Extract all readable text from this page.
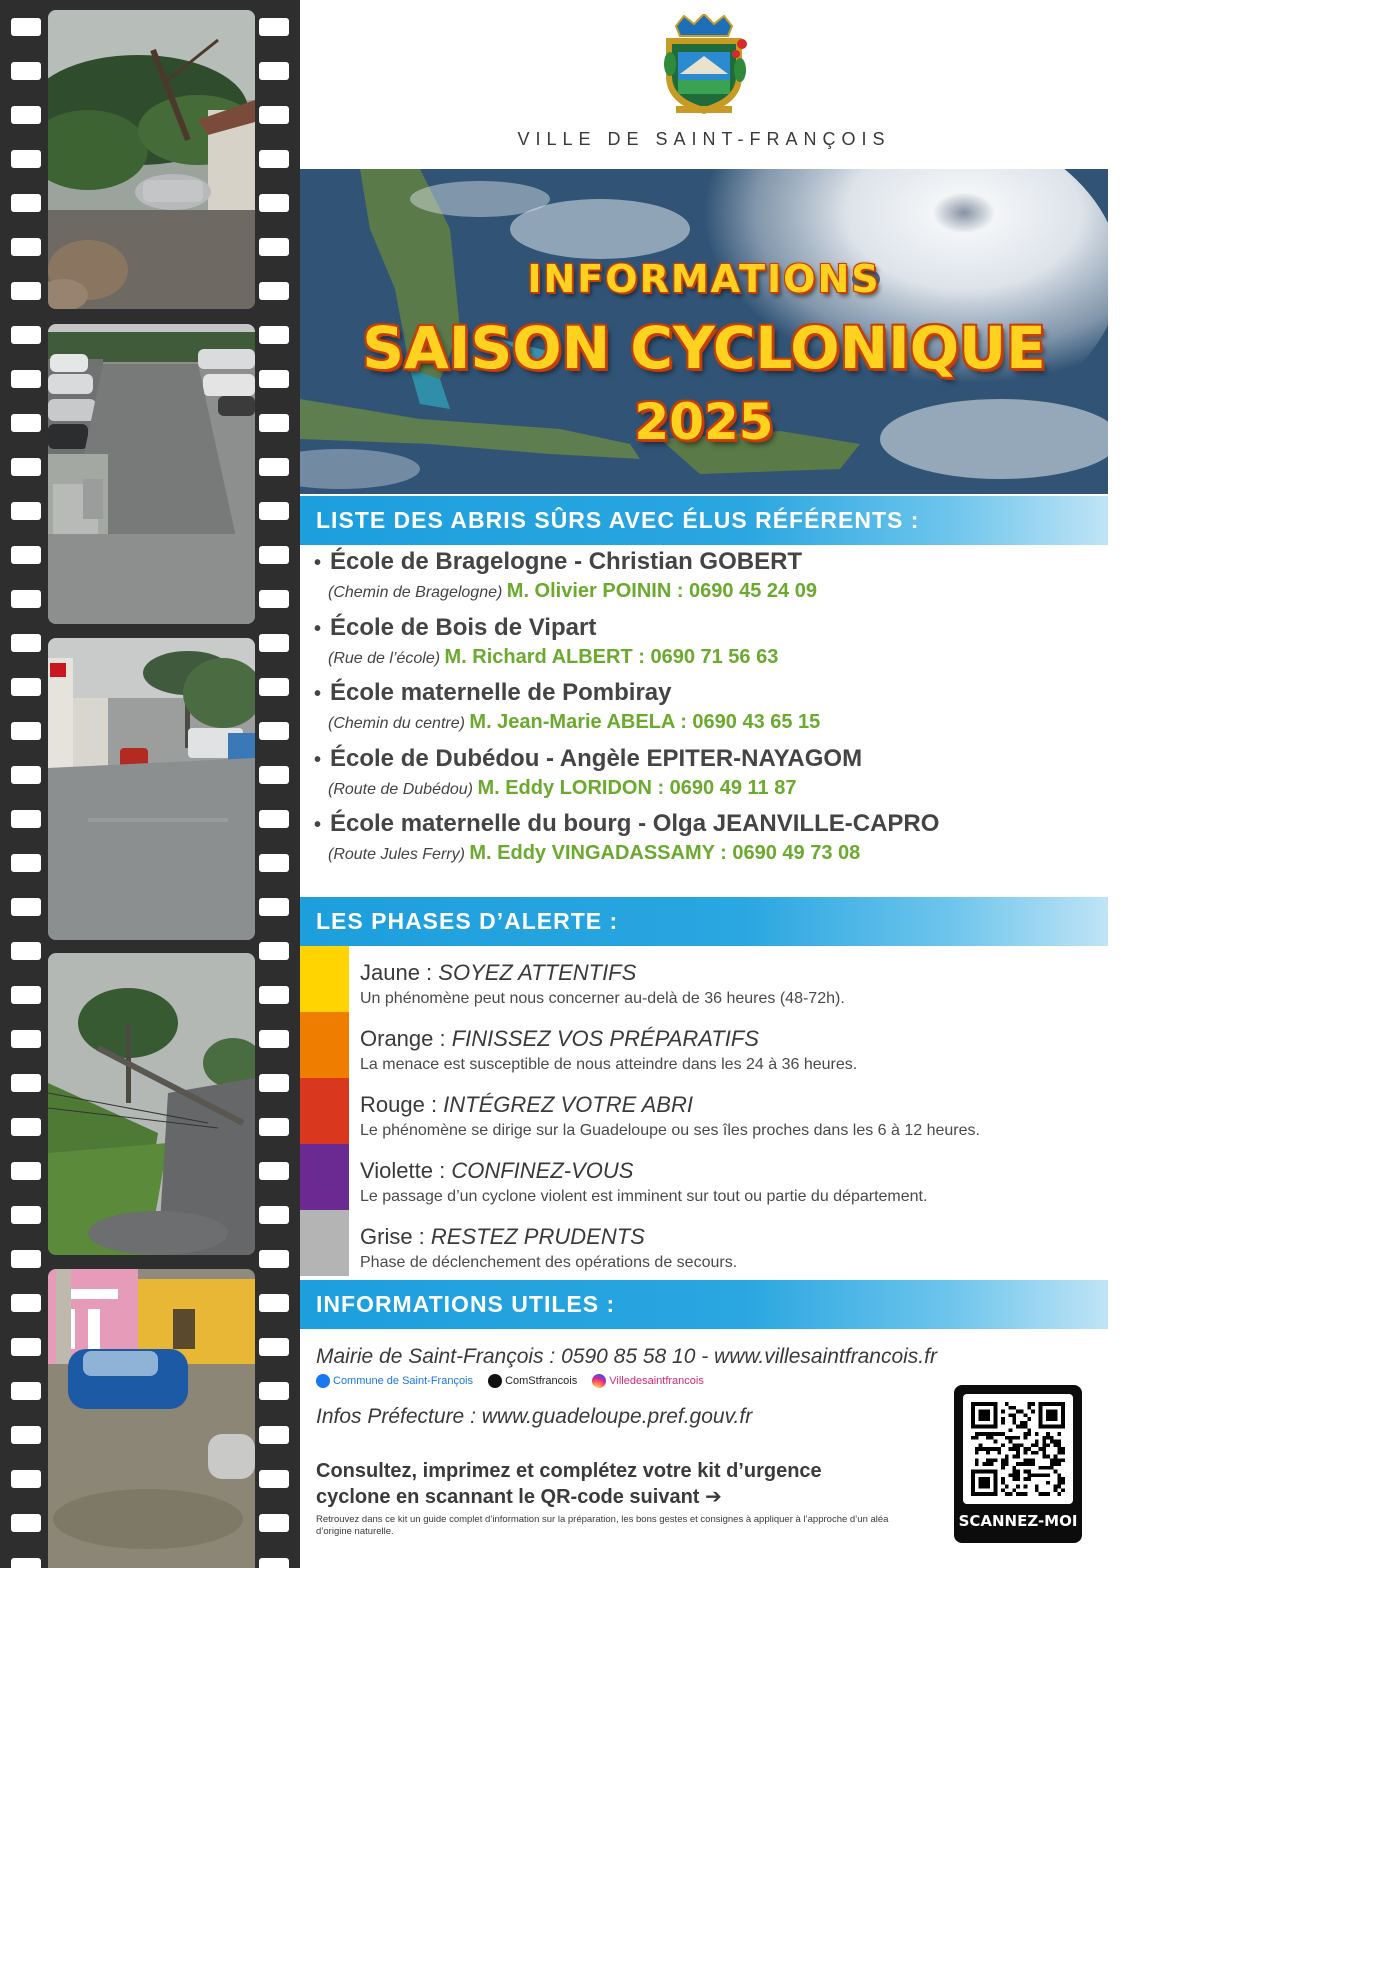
VILLE DE SAINT-FRANÇOIS
INFORMATIONS
SAISON CYCLONIQUE
2025
LISTE DES ABRIS SÛRS AVEC ÉLUS RÉFÉRENTS :
• École de Bragelogne - Christian GOBERT
(Chemin de Bragelogne) M. Olivier POININ : 0690 45 24 09
• École de Bois de Vipart
(Rue de l’école) M. Richard ALBERT : 0690 71 56 63
• École maternelle de Pombiray
(Chemin du centre) M. Jean-Marie ABELA : 0690 43 65 15
• École de Dubédou - Angèle EPITER-NAYAGOM
(Route de Dubédou) M. Eddy LORIDON : 0690 49 11 87
• École maternelle du bourg - Olga JEANVILLE-CAPRO
(Route Jules Ferry) M. Eddy VINGADASSAMY : 0690 49 73 08
LES PHASES D’ALERTE :
Jaune : SOYEZ ATTENTIFS
Un phénomène peut nous concerner au-delà de 36 heures (48-72h).
Orange : FINISSEZ VOS PRÉPARATIFS
La menace est susceptible de nous atteindre dans les 24 à 36 heures.
Rouge : INTÉGREZ VOTRE ABRI
Le phénomène se dirige sur la Guadeloupe ou ses îles proches dans les 6 à 12 heures.
Violette : CONFINEZ-VOUS
Le passage d’un cyclone violent est imminent sur tout ou partie du département.
Grise : RESTEZ PRUDENTS
Phase de déclenchement des opérations de secours.
INFORMATIONS UTILES :
Mairie de Saint-François : 0590 85 58 10 - www.villesaintfrancois.fr
Commune de Saint-François
	ComStfrancois
	Villedesaintfrancois
Infos Préfecture : www.guadeloupe.pref.gouv.fr
Consultez, imprimez et complétez votre kit d’urgence
cyclone en scannant le QR-code suivant ➔
Retrouvez dans ce kit un guide complet d’information sur la préparation, les bons gestes et consignes à appliquer à l’approche d’un aléa d’origine naturelle.
SCANNEZ-MOI
